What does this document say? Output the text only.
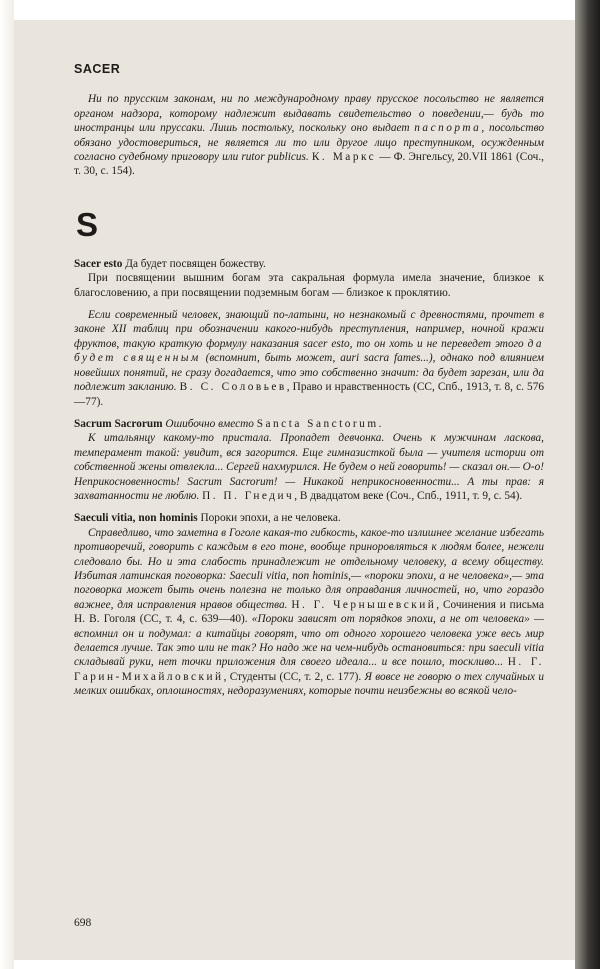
SACER

Ни по прусским законам, ни по международному праву прусское посольство не является органом надзора, которому надлежит выдавать свидетельство о поведении,— будь то иностранцы или пруссаки. Лишь постольку, поскольку оно выдает паспорта, посольство обязано удостовериться, не является ли то или другое лицо преступником, осужденным согласно судебному приговору или rutor publicus. К. Маркс — Ф. Энгельсу, 20.VII 1861 (Соч., т. 30, с. 154).

S

Sacer esto Да будет посвящен божеству.

При посвящении вышним богам эта сакральная формула имела значение, близкое к благословению, а при посвящении подземным богам — близкое к проклятию.

Если современный человек, знающий по-латыни, но незнакомый с древностями, прочтет в законе XII таблиц при обозначении какого-нибудь преступления, например, ночной кражи фруктов, такую краткую формулу наказания sacer esto, то он хоть и не переведет этого да будет священным (вспомнит, быть может, auri sacra fames...), однако под влиянием новейших понятий, не сразу догадается, что это собственно значит: да будет зарезан, или да подлежит закланию. В. С. Соловьев, Право и нравственность (СС, Спб., 1913, т. 8, с. 576—77).

Sacrum Sacrorum Ошибочно вместо Sancta Sanctorum.

К итальянцу какому-то пристала. Пропадет девчонка. Очень к мужчинам ласкова, темперамент такой: увидит, вся загорится. Еще гимназисткой была — учителя истории от собственной жены отвлекла... Сергей нахмурился. Не будем о ней говорить! — сказал он.— О-о! Неприкосновенность! Sacrum Sacrorum! — Никакой неприкосновенности... А ты прав: я захватанности не люблю. П. П. Гнедич, В двадцатом веке (Соч., Спб., 1911, т. 9, с. 54).

Saeculi vitia, non hominis Пороки эпохи, а не человека.

Справедливо, что заметна в Гоголе какая-то гибкость, какое-то излишнее желание избегать противоречий, говорить с каждым в его тоне, вообще приноровляться к людям более, нежели следовало бы. Но и эта слабость принадлежит не отдельному человеку, а всему обществу. Избитая латинская поговорка: Saeculi vitia, non hominis,— «пороки эпохи, а не человека»,— эта поговорка может быть очень полезна не только для оправдания личностей, но, что гораздо важнее, для исправления нравов общества. Н. Г. Чернышевский, Сочинения и письма Н. В. Гоголя (СС, т. 4, с. 639—40). «Пороки зависят от порядков эпохи, а не от человека» — вспомнил он и подумал: а китайцы говорят, что от одного хорошего человека уже весь мир делается лучше. Так это или не так? Но надо же на чем-нибудь остановиться: при saeculi vitia складывай руки, нет точки приложения для своего идеала... и все пошло, тоскливо... Н. Г. Гарин-Михайловский, Студенты (СС, т. 2, с. 177). Я вовсе не говорю о тех случайных и мелких ошибках, оплошностях, недоразумениях, которые почти неизбежны во всякой чело-

698
